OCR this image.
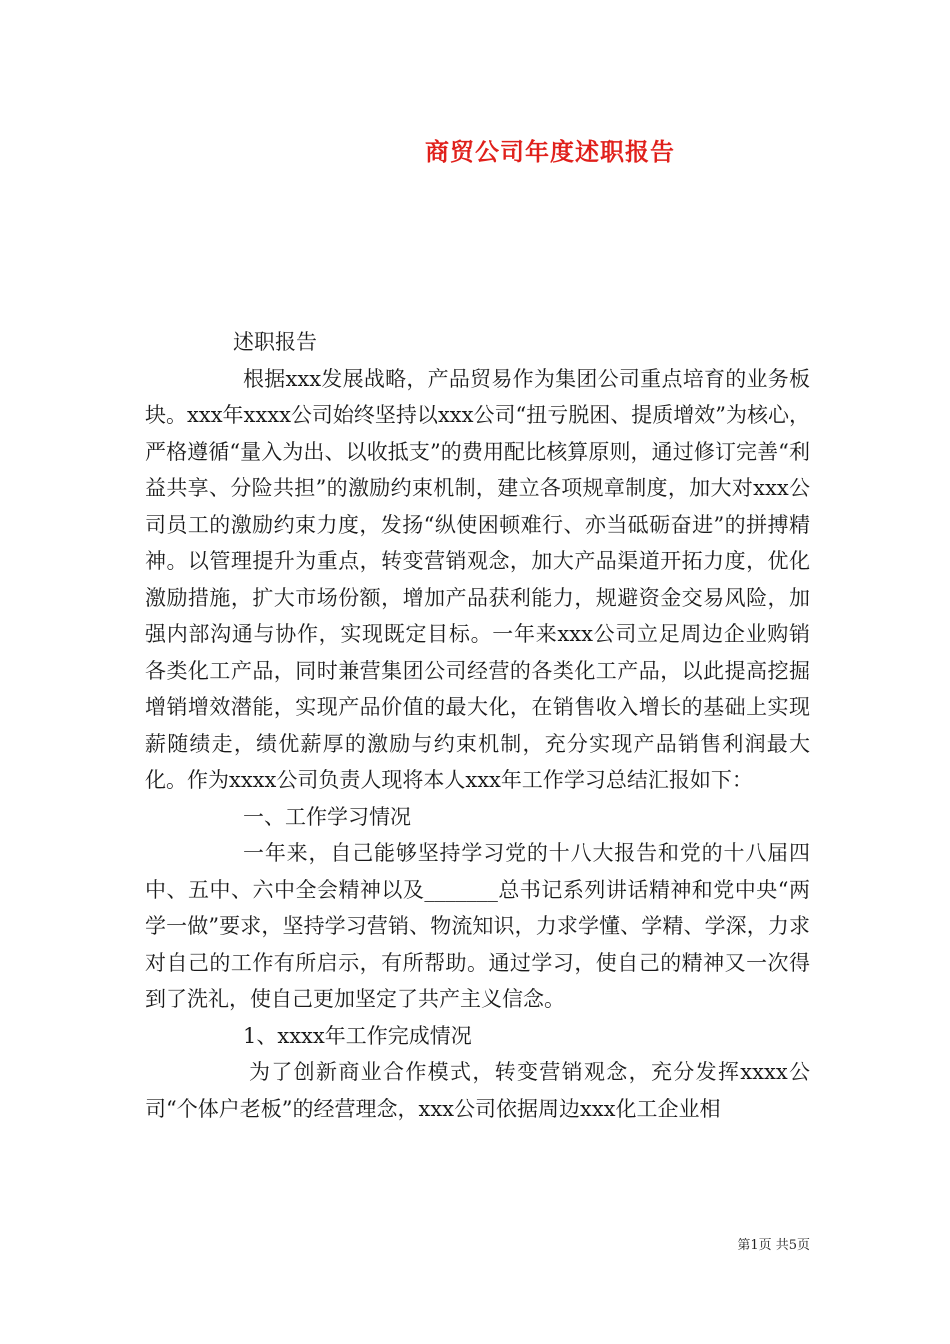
商贸公司年度述职报告

述职报告

根据xxx发展战略，产品贸易作为集团公司重点培育的业务板块。xxx年xxxx公司始终坚持以xxx公司“扭亏脱困、提质增效”为核心，严格遵循“量入为出、以收抵支”的费用配比核算原则，通过修订完善“利益共享、分险共担”的激励约束机制，建立各项规章制度，加大对xxx公司员工的激励约束力度，发扬“纵使困顿难行、亦当砥砺奋进”的拼搏精神。以管理提升为重点，转变营销观念，加大产品渠道开拓力度，优化激励措施，扩大市场份额，增加产品获利能力，规避资金交易风险，加强内部沟通与协作，实现既定目标。一年来xxx公司立足周边企业购销各类化工产品，同时兼营集团公司经营的各类化工产品，以此提高挖掘增销增效潜能，实现产品价值的最大化，在销售收入增长的基础上实现薪随绩走，绩优薪厚的激励与约束机制，充分实现产品销售利润最大化。作为xxxx公司负责人现将本人xxx年工作学习总结汇报如下：

一、工作学习情况

一年来，自己能够坚持学习党的十八大报告和党的十八届四中、五中、六中全会精神以及_______总书记系列讲话精神和党中央“两学一做”要求，坚持学习营销、物流知识，力求学懂、学精、学深，力求对自己的工作有所启示，有所帮助。通过学习，使自己的精神又一次得到了洗礼，使自己更加坚定了共产主义信念。

1、xxxx年工作完成情况

为了创新商业合作模式，转变营销观念，充分发挥xxxx公司“个体户老板”的经营理念，xxx公司依据周边xxx化工企业相

第1页 共5页
